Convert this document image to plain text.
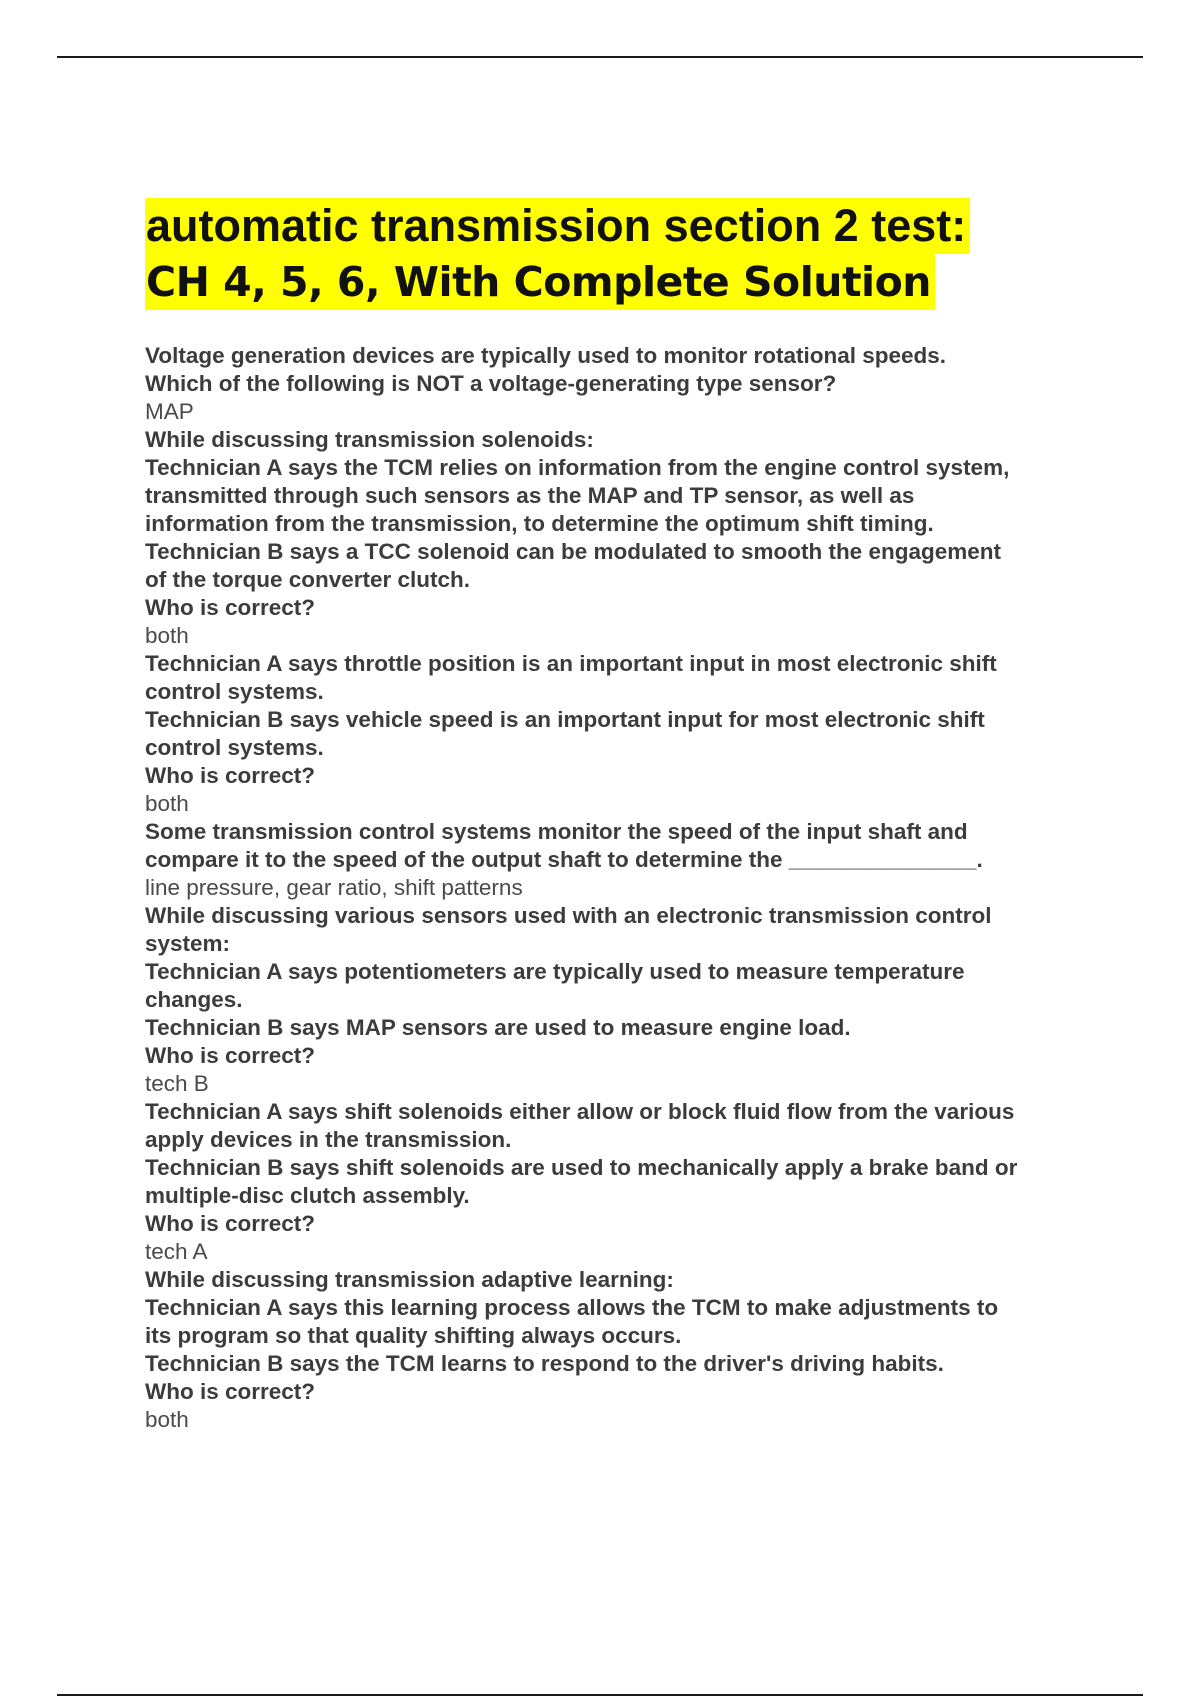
automatic transmission section 2 test:
CH 4, 5, 6, With Complete Solution
Voltage generation devices are typically used to monitor rotational speeds.
Which of the following is NOT a voltage-generating type sensor?
MAP
While discussing transmission solenoids:
Technician A says the TCM relies on information from the engine control system,
transmitted through such sensors as the MAP and TP sensor, as well as
information from the transmission, to determine the optimum shift timing.
Technician B says a TCC solenoid can be modulated to smooth the engagement
of the torque converter clutch.
Who is correct?
both
Technician A says throttle position is an important input in most electronic shift
control systems.
Technician B says vehicle speed is an important input for most electronic shift
control systems.
Who is correct?
both
Some transmission control systems monitor the speed of the input shaft and
compare it to the speed of the output shaft to determine the _______________.
line pressure, gear ratio, shift patterns
While discussing various sensors used with an electronic transmission control
system:
Technician A says potentiometers are typically used to measure temperature
changes.
Technician B says MAP sensors are used to measure engine load.
Who is correct?
tech B
Technician A says shift solenoids either allow or block fluid flow from the various
apply devices in the transmission.
Technician B says shift solenoids are used to mechanically apply a brake band or
multiple-disc clutch assembly.
Who is correct?
tech A
While discussing transmission adaptive learning:
Technician A says this learning process allows the TCM to make adjustments to
its program so that quality shifting always occurs.
Technician B says the TCM learns to respond to the driver's driving habits.
Who is correct?
both
